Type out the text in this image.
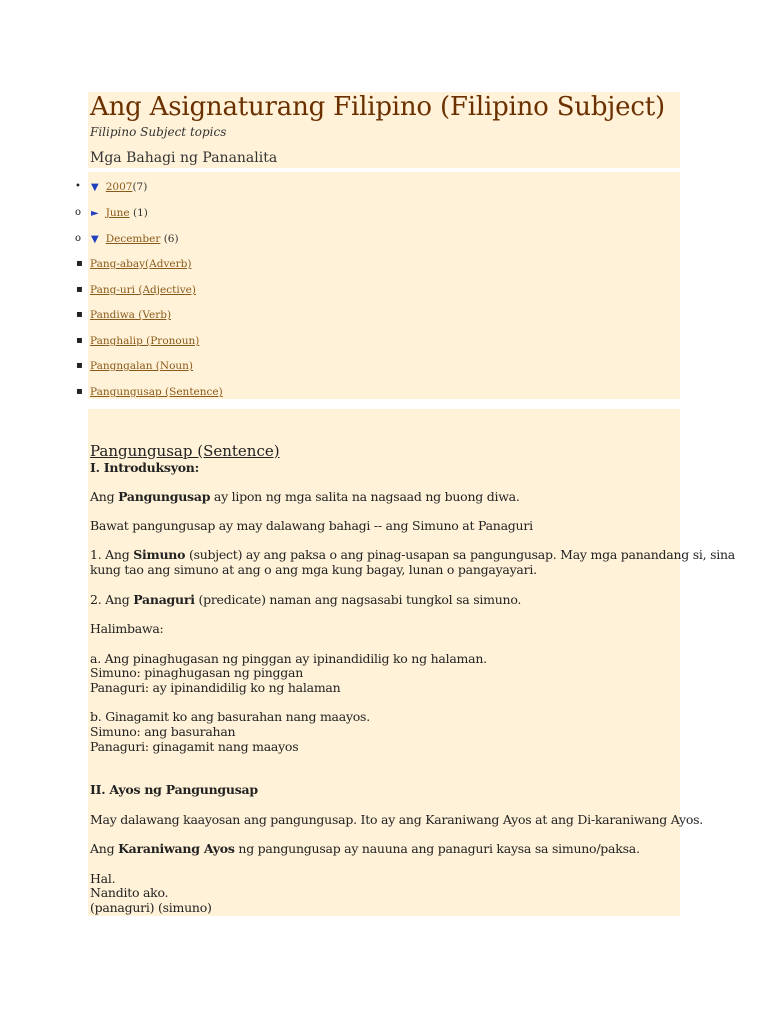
Ang Asignaturang Filipino (Filipino Subject)
Filipino Subject topics
Mga Bahagi ng Pananalita
• ▼ 2007(7)
o ► June (1)
o ▼ December (6)
▪ Pang-abay(Adverb)
▪ Pang-uri (Adjective)
▪ Pandiwa (Verb)
▪ Panghalip (Pronoun)
▪ Pangngalan (Noun)
▪ Pangungusap (Sentence)
Pangungusap (Sentence)
I. Introduksyon:
Ang Pangungusap ay lipon ng mga salita na nagsaad ng buong diwa.
Bawat pangungusap ay may dalawang bahagi -- ang Simuno at Panaguri
1. Ang Simuno (subject) ay ang paksa o ang pinag-usapan sa pangungusap. May mga panandang si, sina
kung tao ang simuno at ang o ang mga kung bagay, lunan o pangayayari.
2. Ang Panaguri (predicate) naman ang nagsasabi tungkol sa simuno.
Halimbawa:
a. Ang pinaghugasan ng pinggan ay ipinandidilig ko ng halaman.
Simuno: pinaghugasan ng pinggan
Panaguri: ay ipinandidilig ko ng halaman
b. Ginagamit ko ang basurahan nang maayos.
Simuno: ang basurahan
Panaguri: ginagamit nang maayos
II. Ayos ng Pangungusap
May dalawang kaayosan ang pangungusap. Ito ay ang Karaniwang Ayos at ang Di-karaniwang Ayos.
Ang Karaniwang Ayos ng pangungusap ay nauuna ang panaguri kaysa sa simuno/paksa.
Hal.
Nandito ako.
(panaguri) (simuno)
